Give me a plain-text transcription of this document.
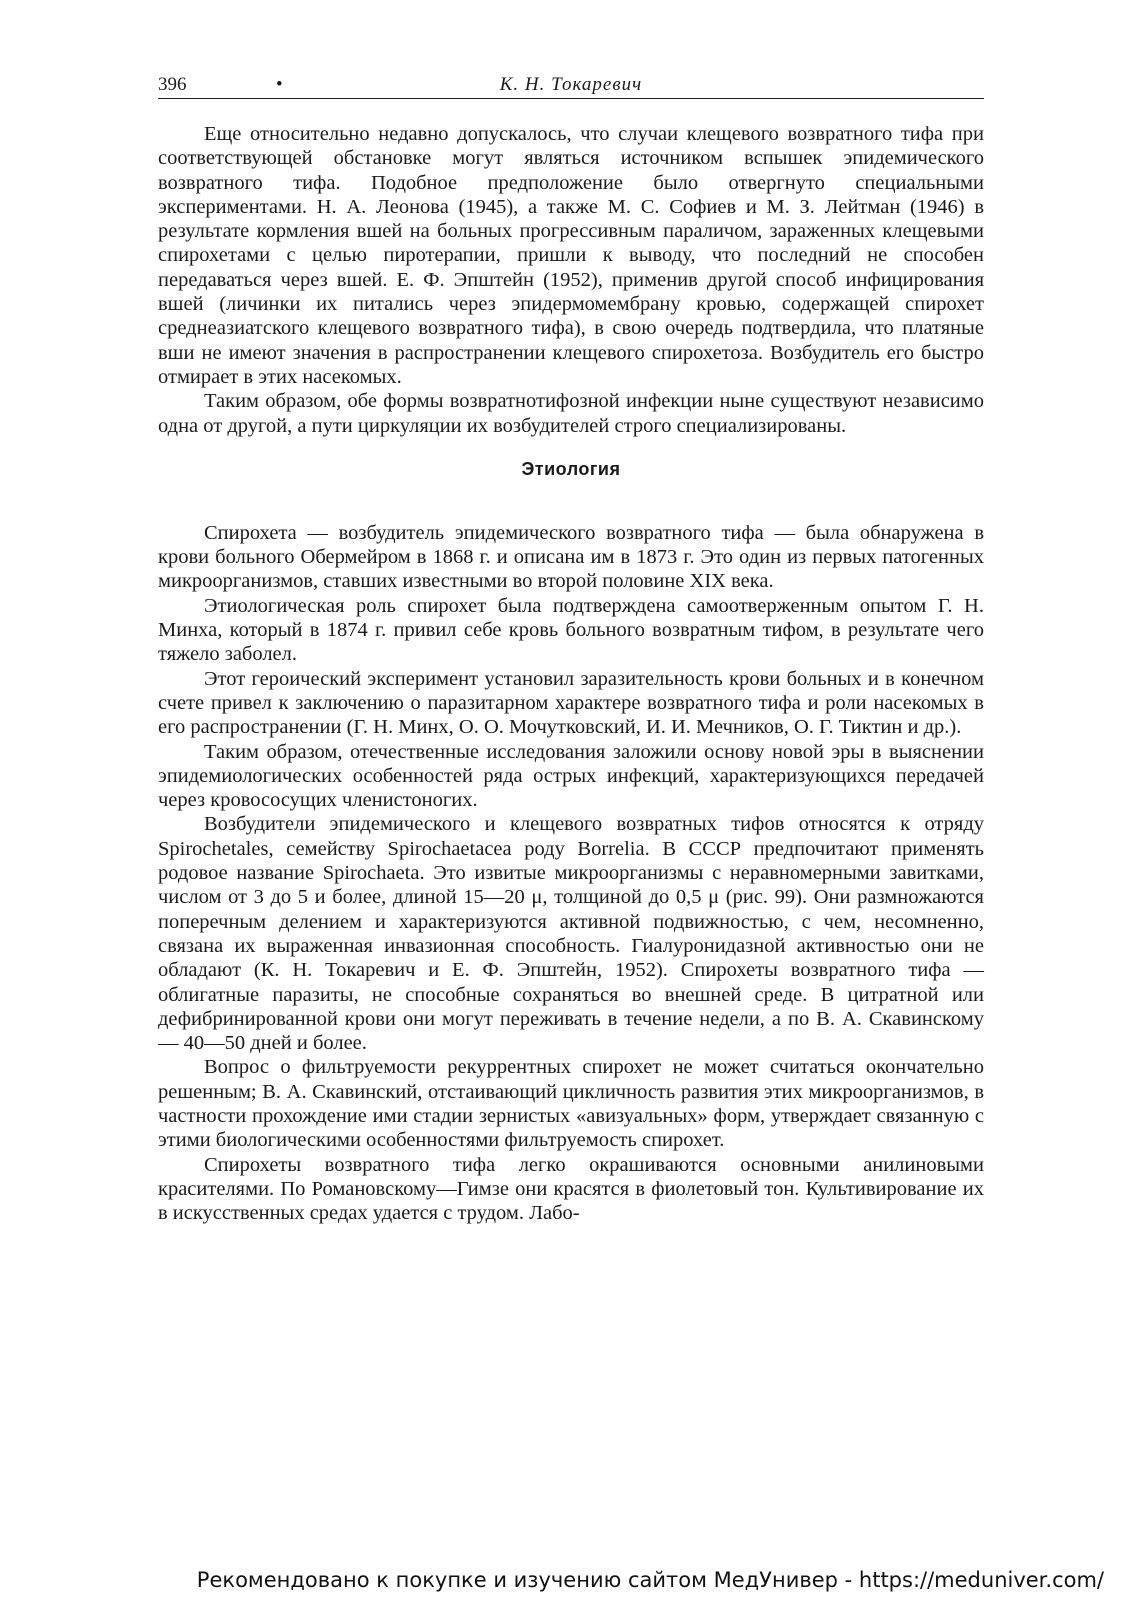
396	•	К. Н. Токаревич

Еще относительно недавно допускалось, что случаи клещевого возвратного тифа при соответствующей обстановке могут являться источником вспышек эпидемического возвратного тифа. Подобное предположение было отвергнуто специальными экспериментами. Н. А. Леонова (1945), а также М. С. Софиев и М. З. Лейтман (1946) в результате кормления вшей на больных прогрессивным параличом, зараженных клещевыми спирохетами с целью пиротерапии, пришли к выводу, что последний не способен передаваться через вшей. Е. Ф. Эпштейн (1952), применив другой способ инфицирования вшей (личинки их питались через эпидермомембрану кровью, содержащей спирохет среднеазиатского клещевого возвратного тифа), в свою очередь подтвердила, что платяные вши не имеют значения в распространении клещевого спирохетоза. Возбудитель его быстро отмирает в этих насекомых.

Таким образом, обе формы возвратнотифозной инфекции ныне существуют независимо одна от другой, а пути циркуляции их возбудителей строго специализированы.

Этиология

Спирохета — возбудитель эпидемического возвратного тифа — была обнаружена в крови больного Обермейром в 1868 г. и описана им в 1873 г. Это один из первых патогенных микроорганизмов, ставших известными во второй половине XIX века.

Этиологическая роль спирохет была подтверждена самоотверженным опытом Г. Н. Минха, который в 1874 г. привил себе кровь больного возвратным тифом, в результате чего тяжело заболел.

Этот героический эксперимент установил заразительность крови больных и в конечном счете привел к заключению о паразитарном характере возвратного тифа и роли насекомых в его распространении (Г. Н. Минх, О. О. Мочутковский, И. И. Мечников, О. Г. Тиктин и др.).

Таким образом, отечественные исследования заложили основу новой эры в выяснении эпидемиологических особенностей ряда острых инфекций, характеризующихся передачей через кровососущих членистоногих.

Возбудители эпидемического и клещевого возвратных тифов относятся к отряду Spirochetales, семейству Spirochaetacea роду Borrelia. В СССР предпочитают применять родовое название Spirochaeta. Это извитые микроорганизмы с неравномерными завитками, числом от 3 до 5 и более, длиной 15—20 μ, толщиной до 0,5 μ (рис. 99). Они размножаются поперечным делением и характеризуются активной подвижностью, с чем, несомненно, связана их выраженная инвазионная способность. Гиалуронидазной активностью они не обладают (К. Н. Токаревич и Е. Ф. Эпштейн, 1952). Спирохеты возвратного тифа — облигатные паразиты, не способные сохраняться во внешней среде. В цитратной или дефибринированной крови они могут переживать в течение недели, а по В. А. Скавинскому — 40—50 дней и более.

Вопрос о фильтруемости рекуррентных спирохет не может считаться окончательно решенным; В. А. Скавинский, отстаивающий цикличность развития этих микроорганизмов, в частности прохождение ими стадии зернистых «авизуальных» форм, утверждает связанную с этими биологическими особенностями фильтруемость спирохет.

Спирохеты возвратного тифа легко окрашиваются основными анилиновыми красителями. По Романовскому—Гимзе они красятся в фиолетовый тон. Культивирование их в искусственных средах удается с трудом. Лабо-

Рекомендовано к покупке и изучению сайтом МедУнивер - https://meduniver.com/
